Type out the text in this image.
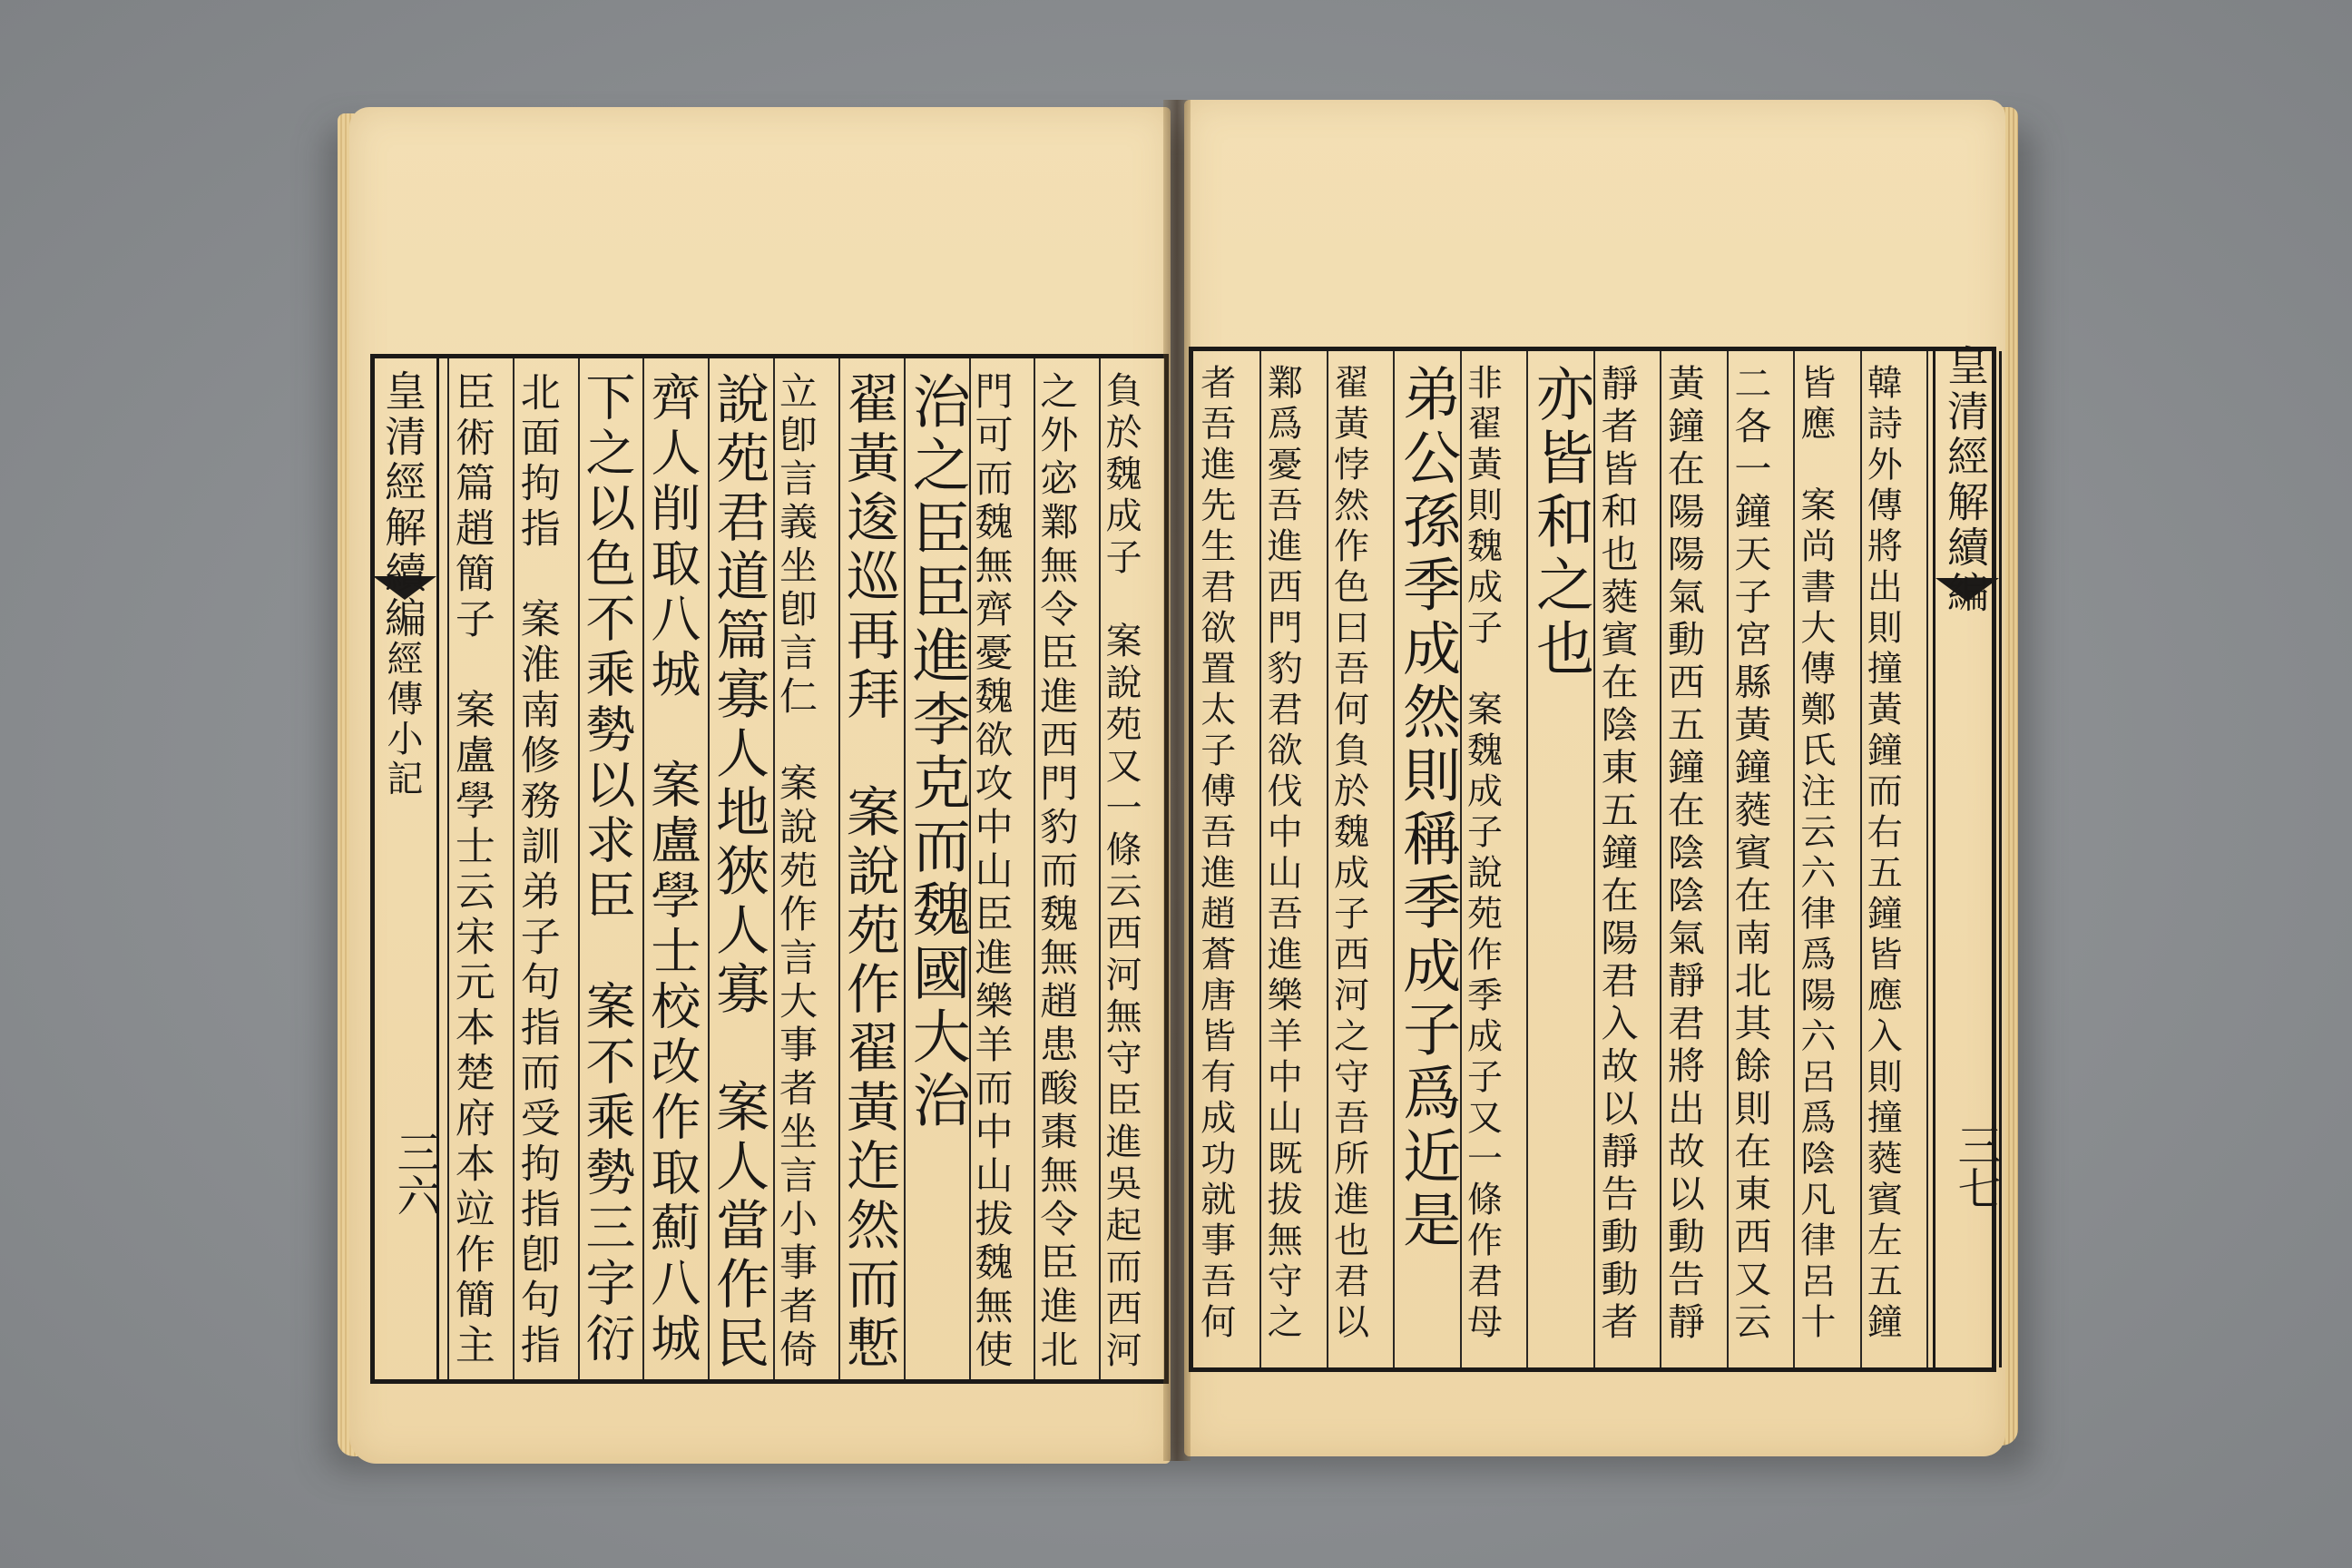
皇清經解續編
經傳小記
三六	負於魏成子　案說苑又一條云西河無守臣進吳起而西河
之外宓鄴無令臣進西門豹而魏無趙患酸棗無令臣進北
門可而魏無齊憂魏欲攻中山臣進樂羊而中山拔魏無使
治之臣臣進李克而魏國大治
翟黃逡巡再拜　案說苑作翟黃迮然而慙
立卽言義坐卽言仁　案說苑作言大事者坐言小事者倚
說苑君道篇寡人地狹人寡　案人當作民
齊人削取八城　案盧學士校改作取薊八城
下之以色不乘勢以求臣　案不乘勢三字衍
北面拘指　案淮南修務訓弟子句指而受拘指卽句指
臣術篇趙簡子　案盧學士云宋元本楚府本竝作簡主	皇清經解續編
三七
韓詩外傳將出則撞黃鐘而右五鐘皆應入則撞蕤賓左五鐘
皆應　案尚書大傳鄭氏注云六律爲陽六呂爲陰凡律呂十
二各一鐘天子宮縣黃鐘蕤賓在南北其餘則在東西又云
黃鐘在陽陽氣動西五鐘在陰陰氣靜君將出故以動告靜
靜者皆和也蕤賓在陰東五鐘在陽君入故以靜告動動者
亦皆和之也
非翟黃則魏成子　案魏成子說苑作季成子又一條作君母
弟公孫季成然則稱季成子爲近是
翟黃悖然作色曰吾何負於魏成子西河之守吾所進也君以
鄴爲憂吾進西門豹君欲伐中山吾進樂羊中山既拔無守之
者吾進先生君欲置太子傅吾進趙蒼唐皆有成功就事吾何
